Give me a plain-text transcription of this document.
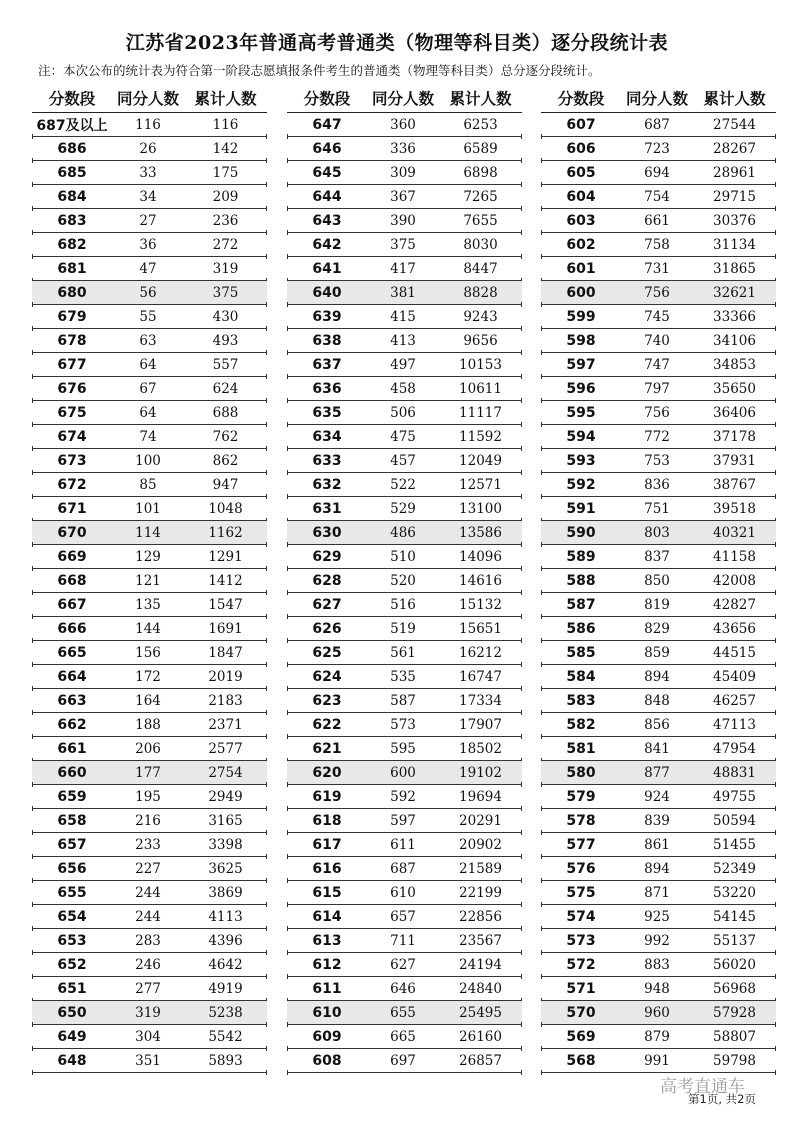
江苏省2023年普通高考普通类（物理等科目类）逐分段统计表
注：本次公布的统计表为符合第一阶段志愿填报条件考生的普通类（物理等科目类）总分逐分段统计。
分数段	同分人数 累计人数
687及以上	116	116
686	26	142
685	33	175
684	34	209
683	27	236
682	36	272
681	47	319
680	56	375
679	55	430
678	63	493
677	64	557
676	67	624
675	64	688
674	74	762
673	100	862
672	85	947
671	101	1048
670	114	1162
669	129	1291
668	121	1412
667	135	1547
666	144	1691
665	156	1847
664	172	2019
663	164	2183
662	188	2371
661	206	2577
660	177	2754
659	195	2949
658	216	3165
657	233	3398
656	227	3625
655	244	3869
654	244	4113
653	283	4396
652	246	4642
651	277	4919
650	319	5238
649	304	5542
648	351	5893
分数段	同分人数 累计人数
647	360	6253
646	336	6589
645	309	6898
644	367	7265
643	390	7655
642	375	8030
641	417	8447
640	381	8828
639	415	9243
638	413	9656
637	497	10153
636	458	10611
635	506	11117
634	475	11592
633	457	12049
632	522	12571
631	529	13100
630	486	13586
629	510	14096
628	520	14616
627	516	15132
626	519	15651
625	561	16212
624	535	16747
623	587	17334
622	573	17907
621	595	18502
620	600	19102
619	592	19694
618	597	20291
617	611	20902
616	687	21589
615	610	22199
614	657	22856
613	711	23567
612	627	24194
611	646	24840
610	655	25495
609	665	26160
608	697	26857
分数段	同分人数 累计人数
607	687	27544
606	723	28267
605	694	28961
604	754	29715
603	661	30376
602	758	31134
601	731	31865
600	756	32621
599	745	33366
598	740	34106
597	747	34853
596	797	35650
595	756	36406
594	772	37178
593	753	37931
592	836	38767
591	751	39518
590	803	40321
589	837	41158
588	850	42008
587	819	42827
586	829	43656
585	859	44515
584	894	45409
583	848	46257
582	856	47113
581	841	47954
580	877	48831
579	924	49755
578	839	50594
577	861	51455
576	894	52349
575	871	53220
574	925	54145
573	992	55137
572	883	56020
571	948	56968
570	960	57928
569	879	58807
568	991	59798
高考直通车
第1页, 共2页
